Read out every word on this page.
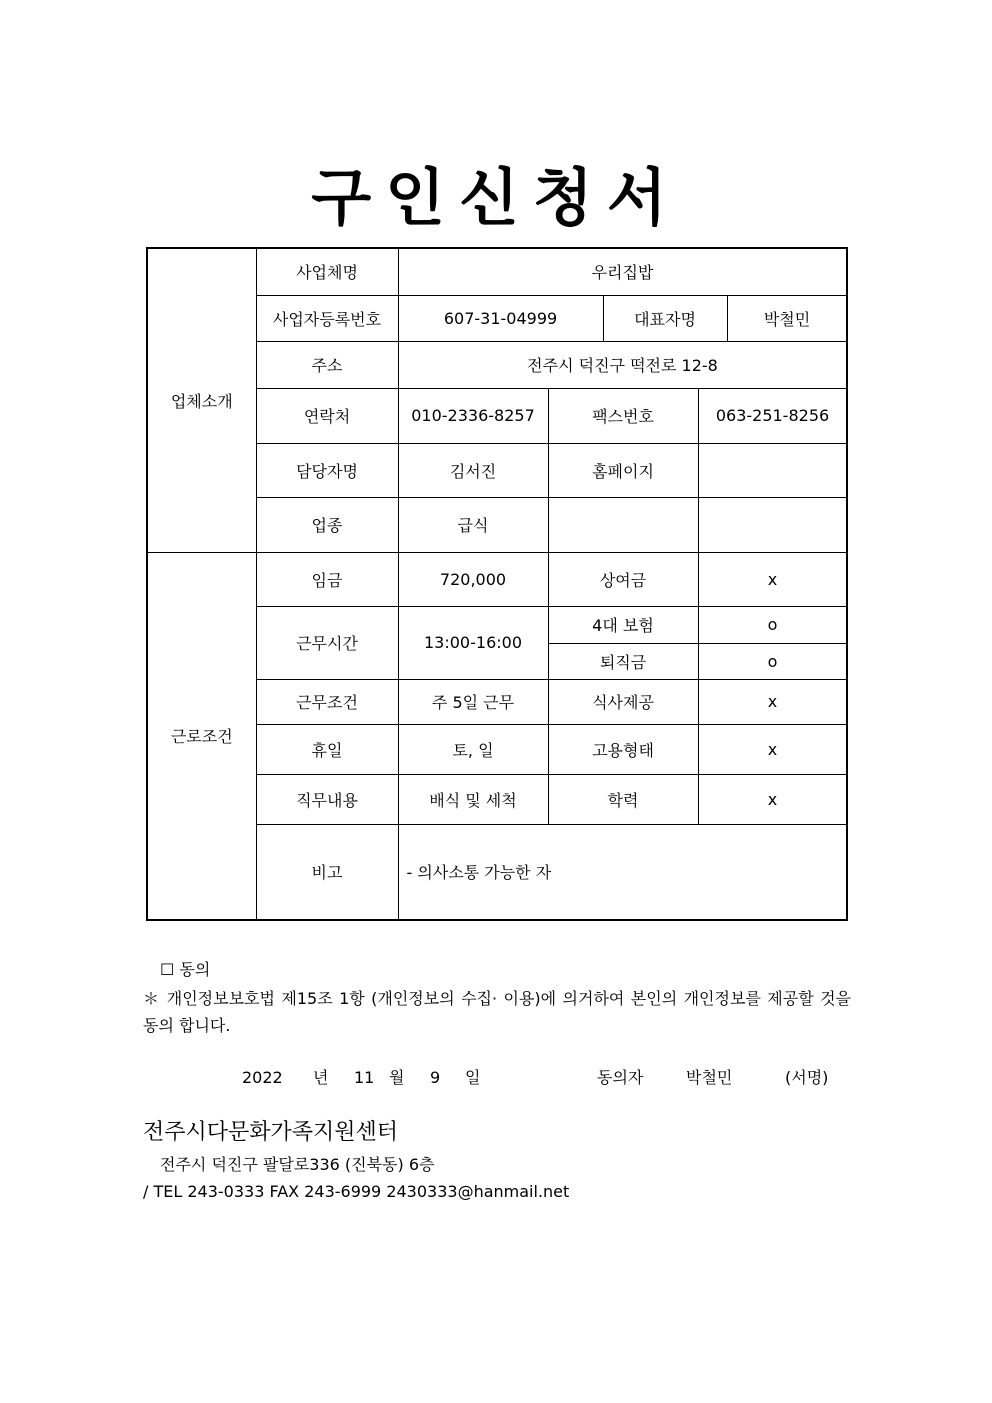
구인신청서
업체소개	사업체명	우리집밥		
	사업자등록번호	607-31-04999 대표자명 박철민		

	주소	전주시 덕진구 떡전로 12-8		
	연락처	010-2336-8257	팩스번호	063-251-8256
	담당자명	김서진	홈페이지	
	업종	급식		
근로조건	임금	720,000	상여금	x
	근무시간	13:00-16:00	4대 보험	o
			퇴직금	o
	근무조건	주 5일 근무	식사제공	x
	휴일	토, 일	고용형태	x
	직무내용	배식 및 세척	학력	x
	비고	- 의사소통 가능한 자		
☐ 동의
＊ 개인정보보호법 제15조 1항 (개인정보의 수집· 이용)에 의거하여 본인의 개인정보를 제공할 것을 동의 합니다.
2022 년 11 월 9 일	동의자	박철민	(서명)
전주시다문화가족지원센터
전주시 덕진구 팔달로336 (진북동) 6층
/ TEL 243-0333 FAX 243-6999 2430333@hanmail.net
